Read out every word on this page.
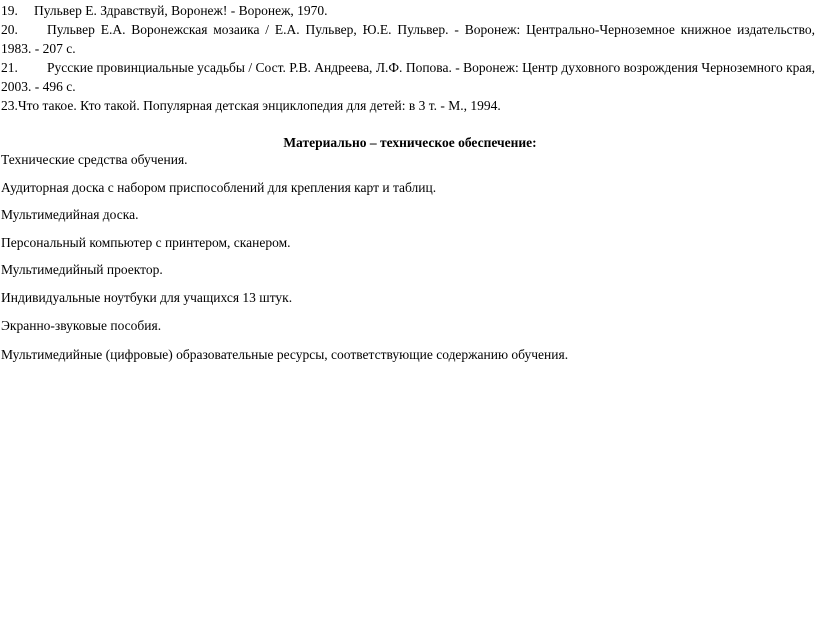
19. Пульвер Е. Здравствуй, Воронеж! - Воронеж, 1970.
20. Пульвер Е.А. Воронежская мозаика / Е.А. Пульвер, Ю.Е. Пульвер. - Воронеж: Центрально-Черноземное книжное издательство, 1983. - 207 с.
21. Русские провинциальные усадьбы / Сост. Р.В. Андреева, Л.Ф. Попова. - Воронеж: Центр духовного возрождения Черноземного края, 2003. - 496 с.
23.Что такое. Кто такой. Популярная детская энциклопедия для детей: в 3 т. - М., 1994.
Материально – техническое обеспечение:
Технические средства обучения.
Аудиторная доска с набором приспособлений для крепления карт и таблиц.
Мультимедийная доска.
Персональный компьютер с принтером, сканером.
Мультимедийный проектор.
Индивидуальные ноутбуки для учащихся 13 штук.
Экранно-звуковые пособия.
Мультимедийные (цифровые) образовательные ресурсы, соответствующие содержанию обучения.
